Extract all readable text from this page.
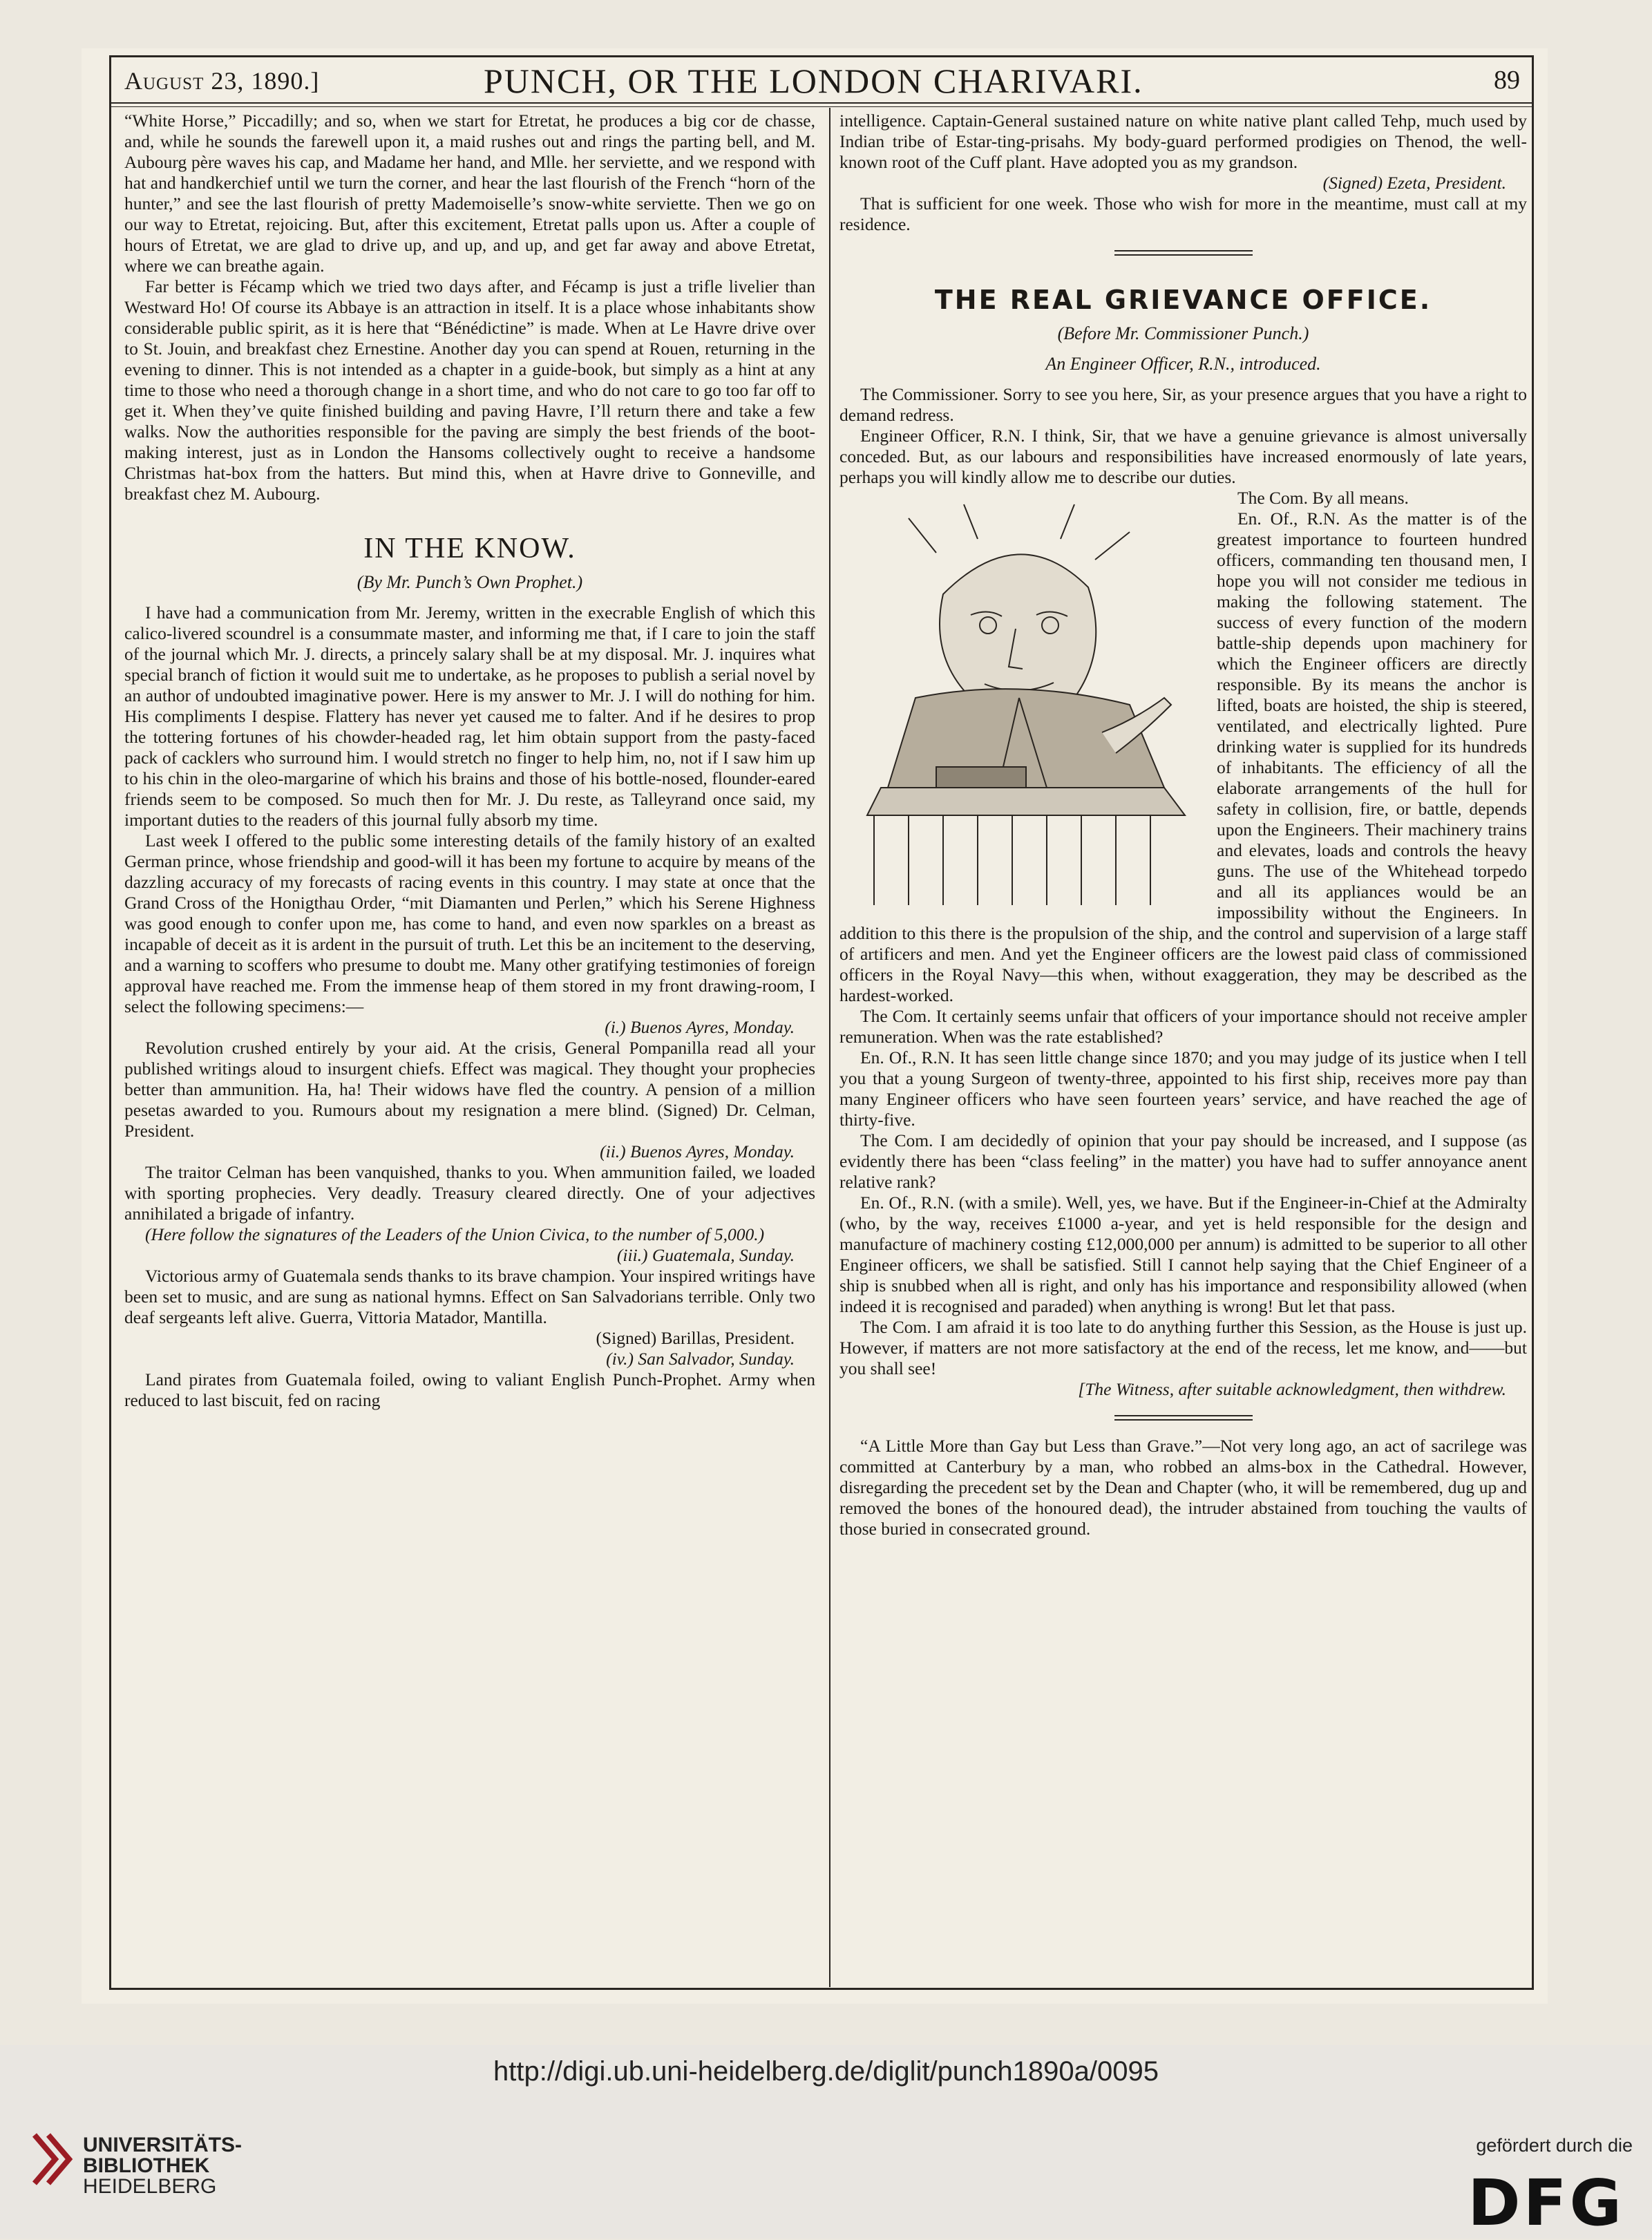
August 23, 1890.]	PUNCH, OR THE LONDON CHARIVARI.	89

“White Horse,” Piccadilly; and so, when we start for Etretat, he produces a big cor de chasse, and, while he sounds the farewell upon it, a maid rushes out and rings the parting bell, and M. Aubourg père waves his cap, and Madame her hand, and Mlle. her serviette, and we respond with hat and handkerchief until we turn the corner, and hear the last flourish of the French “horn of the hunter,” and see the last flourish of pretty Mademoiselle’s snow-white serviette. Then we go on our way to Etretat, rejoicing. But, after this excitement, Etretat palls upon us. After a couple of hours of Etretat, we are glad to drive up, and up, and up, and get far away and above Etretat, where we can breathe again.

Far better is Fécamp which we tried two days after, and Fécamp is just a trifle livelier than Westward Ho! Of course its Abbaye is an attraction in itself. It is a place whose inhabitants show considerable public spirit, as it is here that “Bénédictine” is made. When at Le Havre drive over to St. Jouin, and breakfast chez Ernestine. Another day you can spend at Rouen, returning in the evening to dinner. This is not intended as a chapter in a guide-book, but simply as a hint at any time to those who need a thorough change in a short time, and who do not care to go too far off to get it. When they’ve quite finished building and paving Havre, I’ll return there and take a few walks. Now the authorities responsible for the paving are simply the best friends of the boot-making interest, just as in London the Hansoms collectively ought to receive a handsome Christmas hat-box from the hatters. But mind this, when at Havre drive to Gonneville, and breakfast chez M. Aubourg.

IN THE KNOW.
(By Mr. Punch’s Own Prophet.)

I have had a communication from Mr. Jeremy, written in the execrable English of which this calico-livered scoundrel is a consummate master, and informing me that, if I care to join the staff of the journal which Mr. J. directs, a princely salary shall be at my disposal. Mr. J. inquires what special branch of fiction it would suit me to undertake, as he proposes to publish a serial novel by an author of undoubted imaginative power. Here is my answer to Mr. J. I will do nothing for him. His compliments I despise. Flattery has never yet caused me to falter. And if he desires to prop the tottering fortunes of his chowder-headed rag, let him obtain support from the pasty-faced pack of cacklers who surround him. I would stretch no finger to help him, no, not if I saw him up to his chin in the oleo-margarine of which his brains and those of his bottle-nosed, flounder-eared friends seem to be composed. So much then for Mr. J. Du reste, as Talleyrand once said, my important duties to the readers of this journal fully absorb my time.

Last week I offered to the public some interesting details of the family history of an exalted German prince, whose friendship and good-will it has been my fortune to acquire by means of the dazzling accuracy of my forecasts of racing events in this country. I may state at once that the Grand Cross of the Honigthau Order, “mit Diamanten und Perlen,” which his Serene Highness was good enough to confer upon me, has come to hand, and even now sparkles on a breast as incapable of deceit as it is ardent in the pursuit of truth. Let this be an incitement to the deserving, and a warning to scoffers who presume to doubt me. Many other gratifying testimonies of foreign approval have reached me. From the immense heap of them stored in my front drawing-room, I select the following specimens:—

(i.) Buenos Ayres, Monday.

Revolution crushed entirely by your aid. At the crisis, General Pompanilla read all your published writings aloud to insurgent chiefs. Effect was magical. They thought your prophecies better than ammunition. Ha, ha! Their widows have fled the country. A pension of a million pesetas awarded to you. Rumours about my resignation a mere blind. (Signed) Dr. Celman, President.

(ii.) Buenos Ayres, Monday.

The traitor Celman has been vanquished, thanks to you. When ammunition failed, we loaded with sporting prophecies. Very deadly. Treasury cleared directly. One of your adjectives annihilated a brigade of infantry.

(Here follow the signatures of the Leaders of the Union Civica, to the number of 5,000.)

(iii.) Guatemala, Sunday.

Victorious army of Guatemala sends thanks to its brave champion. Your inspired writings have been set to music, and are sung as national hymns. Effect on San Salvadorians terrible. Only two deaf sergeants left alive. Guerra, Vittoria Matador, Mantilla.

(Signed) Barillas, President.
(iv.) San Salvador, Sunday.

Land pirates from Guatemala foiled, owing to valiant English Punch-Prophet. Army when reduced to last biscuit, fed on racing

intelligence. Captain-General sustained nature on white native plant called Tehp, much used by Indian tribe of Estar-ting-prisahs. My body-guard performed prodigies on Thenod, the well-known root of the Cuff plant. Have adopted you as my grandson.

(Signed) Ezeta, President.

That is sufficient for one week. Those who wish for more in the meantime, must call at my residence.

THE REAL GRIEVANCE OFFICE.
(Before Mr. Commissioner Punch.)
An Engineer Officer, R.N., introduced.

The Commissioner. Sorry to see you here, Sir, as your presence argues that you have a right to demand redress.

Engineer Officer, R.N. I think, Sir, that we have a genuine grievance is almost universally conceded. But, as our labours and responsibilities have increased enormously of late years, perhaps you will kindly allow me to describe our duties.

The Com. By all means.

En. Of., R.N. As the matter is of the greatest importance to fourteen hundred officers, commanding ten thousand men, I hope you will not consider me tedious in making the following statement. The success of every function of the modern battle-ship depends upon machinery for which the Engineer officers are directly responsible. By its means the anchor is lifted, boats are hoisted, the ship is steered, ventilated, and electrically lighted. Pure drinking water is supplied for its hundreds of inhabitants. The efficiency of all the elaborate arrangements of the hull for safety in collision, fire, or battle, depends upon the Engineers. Their machinery trains and elevates, loads and controls the heavy guns. The use of the Whitehead torpedo and all its appliances would be an impossibility without the Engineers. In addition to this there is the propulsion of the ship, and the control and supervision of a large staff of artificers and men. And yet the Engineer officers are the lowest paid class of commissioned officers in the Royal Navy—this when, without exaggeration, they may be described as the hardest-worked.

The Com. It certainly seems unfair that officers of your importance should not receive ampler remuneration. When was the rate established?

En. Of., R.N. It has seen little change since 1870; and you may judge of its justice when I tell you that a young Surgeon of twenty-three, appointed to his first ship, receives more pay than many Engineer officers who have seen fourteen years’ service, and have reached the age of thirty-five.

The Com. I am decidedly of opinion that your pay should be increased, and I suppose (as evidently there has been “class feeling” in the matter) you have had to suffer annoyance anent relative rank?

En. Of., R.N. (with a smile). Well, yes, we have. But if the Engineer-in-Chief at the Admiralty (who, by the way, receives £1000 a-year, and yet is held responsible for the design and manufacture of machinery costing £12,000,000 per annum) is admitted to be superior to all other Engineer officers, we shall be satisfied. Still I cannot help saying that the Chief Engineer of a ship is snubbed when all is right, and only has his importance and responsibility allowed (when indeed it is recognised and paraded) when anything is wrong! But let that pass.

The Com. I am afraid it is too late to do anything further this Session, as the House is just up. However, if matters are not more satisfactory at the end of the recess, let me know, and——but you shall see!

[The Witness, after suitable acknowledgment, then withdrew.

“A Little More than Gay but Less than Grave.”—Not very long ago, an act of sacrilege was committed at Canterbury by a man, who robbed an alms-box in the Cathedral. However, disregarding the precedent set by the Dean and Chapter (who, it will be remembered, dug up and removed the bones of the honoured dead), the intruder abstained from touching the vaults of those buried in consecrated ground.

http://digi.ub.uni-heidelberg.de/diglit/punch1890a/0095
UNIVERSITÄTS-
BIBLIOTHEK
HEIDELBERG
gefördert durch die
DFG
